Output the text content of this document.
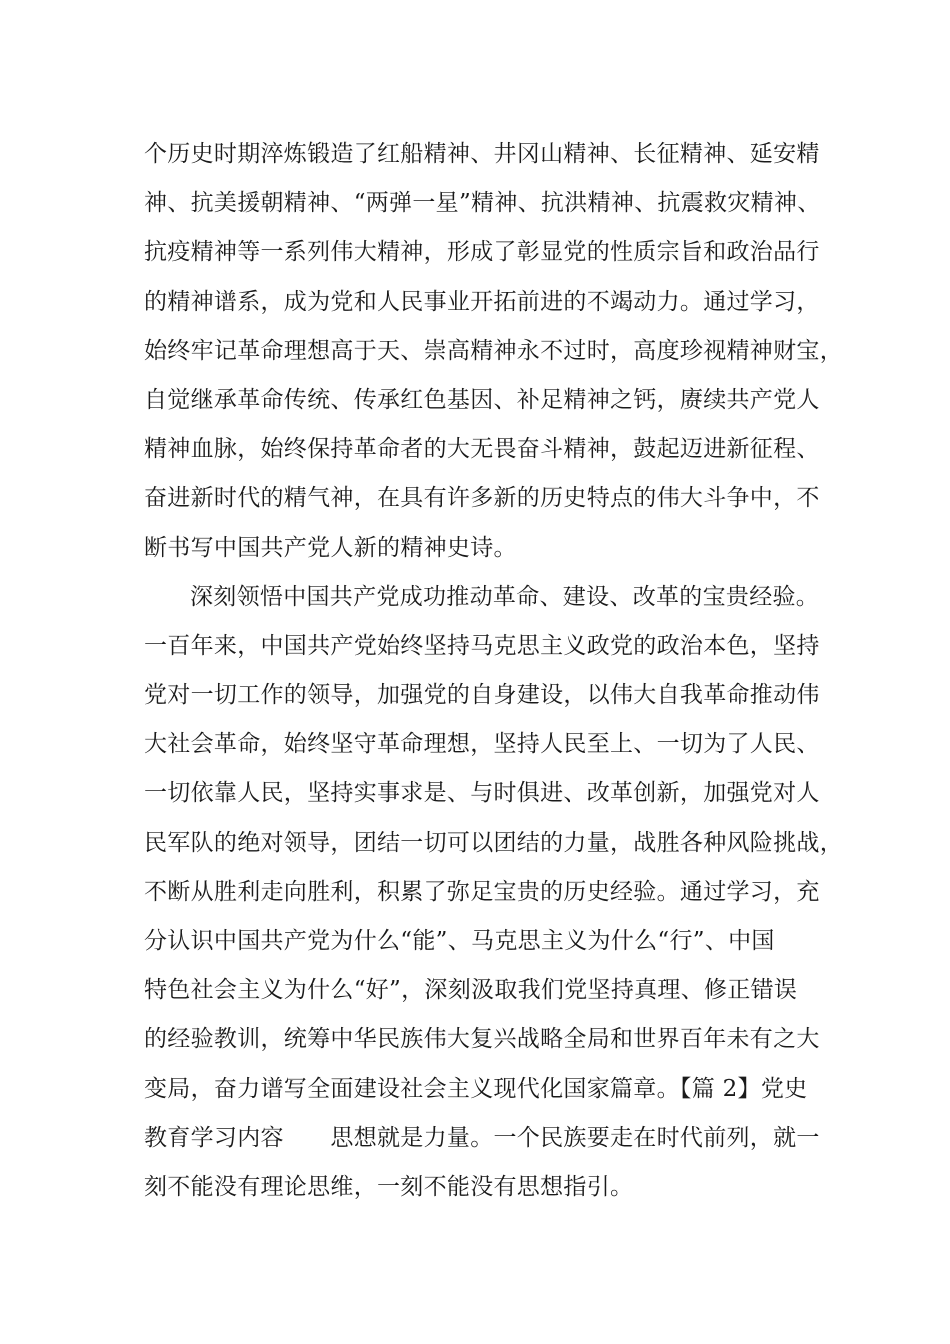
个历史时期淬炼锻造了红船精神、井冈山精神、长征精神、延安精
神、抗美援朝精神、“两弹一星”精神、抗洪精神、抗震救灾精神、
抗疫精神等一系列伟大精神，形成了彰显党的性质宗旨和政治品行
的精神谱系，成为党和人民事业开拓前进的不竭动力。通过学习，
始终牢记革命理想高于天、崇高精神永不过时，高度珍视精神财宝，
自觉继承革命传统、传承红色基因、补足精神之钙，赓续共产党人
精神血脉，始终保持革命者的大无畏奋斗精神，鼓起迈进新征程、
奋进新时代的精气神，在具有许多新的历史特点的伟大斗争中，不
断书写中国共产党人新的精神史诗。
深刻领悟中国共产党成功推动革命、建设、改革的宝贵经验。
一百年来，中国共产党始终坚持马克思主义政党的政治本色，坚持
党对一切工作的领导，加强党的自身建设，以伟大自我革命推动伟
大社会革命，始终坚守革命理想，坚持人民至上、一切为了人民、
一切依靠人民，坚持实事求是、与时俱进、改革创新，加强党对人
民军队的绝对领导，团结一切可以团结的力量，战胜各种风险挑战，
不断从胜利走向胜利，积累了弥足宝贵的历史经验。通过学习，充
分认识中国共产党为什么“能”、马克思主义为什么“行”、中国
特色社会主义为什么“好”，深刻汲取我们党坚持真理、修正错误
的经验教训，统筹中华民族伟大复兴战略全局和世界百年未有之大
变局，奋力谱写全面建设社会主义现代化国家篇章。【篇 2】党史
教育学习内容　　思想就是力量。一个民族要走在时代前列，就一
刻不能没有理论思维，一刻不能没有思想指引。
